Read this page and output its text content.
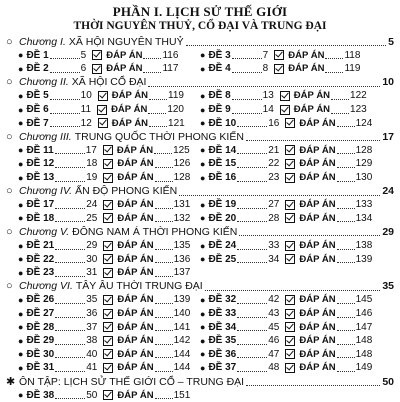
PHẦN I. LỊCH SỬ THẾ GIỚI
THỜI NGUYÊN THUỶ, CỔ ĐẠI VÀ TRUNG ĐẠI
○ Chương I. XÃ HỘI NGUYÊN THUỶ	5
● ĐỀ 1	5 ĐÁP ÁN 116 ● ĐỀ 3	7 ĐÁP ÁN 118
● ĐỀ 2	6 ĐÁP ÁN 117 ● ĐỀ 4	8 ĐÁP ÁN 119
○ Chương II. XÃ HỘI CỔ ĐẠI	10
● ĐỀ 5	10 ĐÁP ÁN 119 ● ĐỀ 8	13 ĐÁP ÁN 122
● ĐỀ 6	11 ĐÁP ÁN 120 ● ĐỀ 9	14 ĐÁP ÁN 123
● ĐỀ 7	12 ĐÁP ÁN 121 ● ĐỀ 10	16 ĐÁP ÁN 124
○ Chương III. TRUNG QUỐC THỜI PHONG KIẾN	17
● ĐỀ 11	17 ĐÁP ÁN 125 ● ĐỀ 14	21 ĐÁP ÁN 128
● ĐỀ 12	18 ĐÁP ÁN 126 ● ĐỀ 15	22 ĐÁP ÁN 129
● ĐỀ 13	19 ĐÁP ÁN 128 ● ĐỀ 16	23 ĐÁP ÁN 130
○ Chương IV. ẤN ĐỘ PHONG KIẾN	24
● ĐỀ 17	24 ĐÁP ÁN 131 ● ĐỀ 19	27 ĐÁP ÁN 133
● ĐỀ 18	25 ĐÁP ÁN 132 ● ĐỀ 20	28 ĐÁP ÁN 134
○ Chương V. ĐÔNG NAM Á THỜI PHONG KIẾN	29
● ĐỀ 21	29 ĐÁP ÁN 135 ● ĐỀ 24	33 ĐÁP ÁN 138
● ĐỀ 22	30 ĐÁP ÁN 136 ● ĐỀ 25	34 ĐÁP ÁN 139
● ĐỀ 23	31 ĐÁP ÁN 137
○ Chương VI. TÂY ÂU THỜI TRUNG ĐẠI	35
● ĐỀ 26	35 ĐÁP ÁN 139 ● ĐỀ 32	42 ĐÁP ÁN 145
● ĐỀ 27	36 ĐÁP ÁN 140 ● ĐỀ 33	43 ĐÁP ÁN 146
● ĐỀ 28	37 ĐÁP ÁN 141 ● ĐỀ 34	45 ĐÁP ÁN 147
● ĐỀ 29	38 ĐÁP ÁN 142 ● ĐỀ 35	46 ĐÁP ÁN 148
● ĐỀ 30	40 ĐÁP ÁN 144 ● ĐỀ 36	47 ĐÁP ÁN 148
● ĐỀ 31	41 ĐÁP ÁN 144 ● ĐỀ 37	48 ĐÁP ÁN 149
✱ ÔN TẬP: LỊCH SỬ THẾ GIỚI CỔ – TRUNG ĐẠI	50
● ĐỀ 38	50 ĐÁP ÁN 151
